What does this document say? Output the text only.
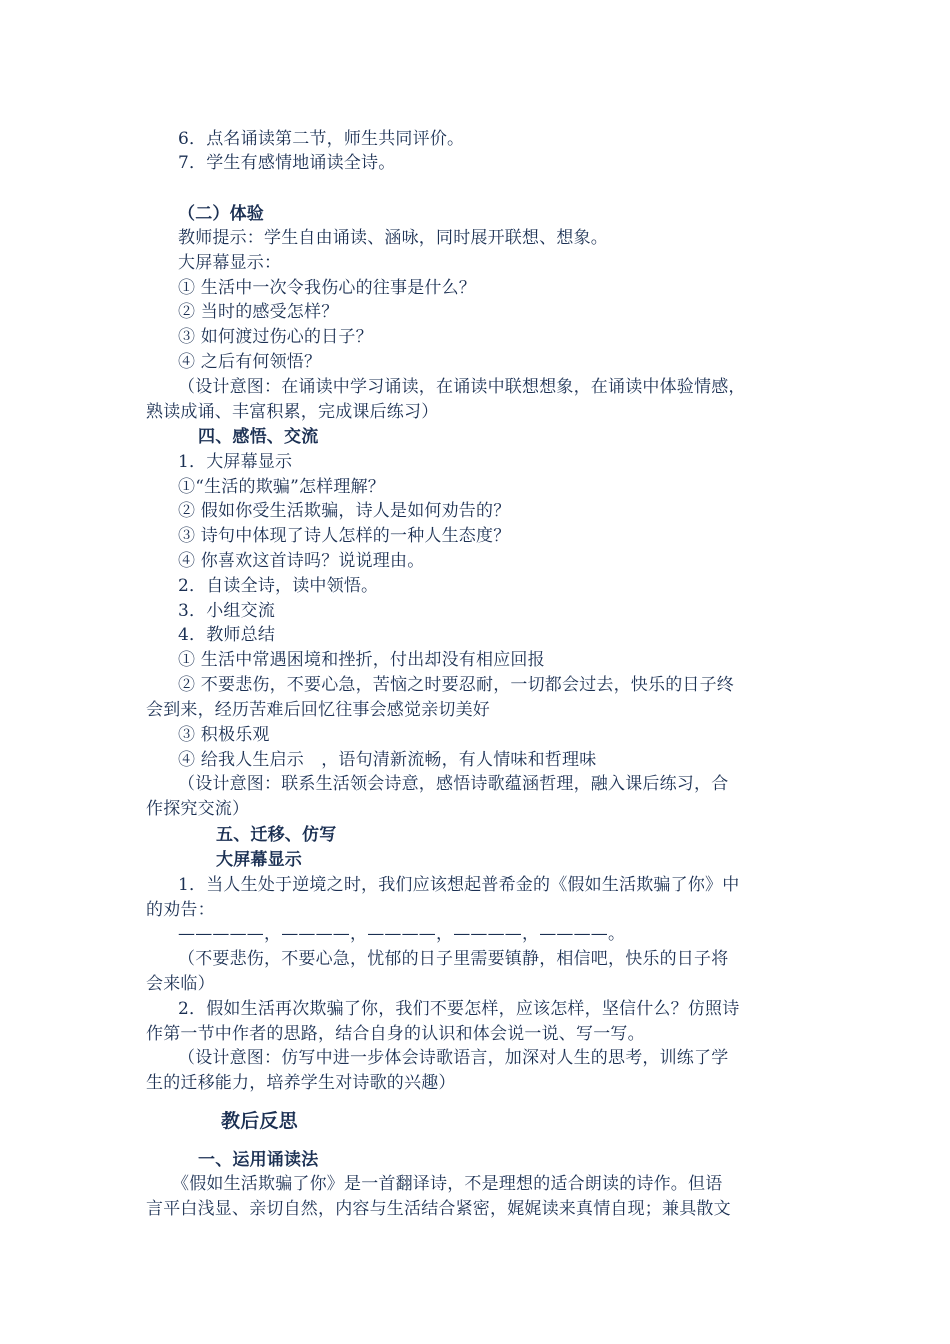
6．点名诵读第二节，师生共同评价。
7．学生有感情地诵读全诗。
（二）体验
教师提示：学生自由诵读、涵咏，同时展开联想、想象。
大屏幕显示：
① 生活中一次令我伤心的往事是什么？
② 当时的感受怎样？
③ 如何渡过伤心的日子？
④ 之后有何领悟？
（设计意图：在诵读中学习诵读，在诵读中联想想象，在诵读中体验情感，
熟读成诵、丰富积累，完成课后练习）
四、感悟、交流
1．大屏幕显示
①“生活的欺骗”怎样理解？
② 假如你受生活欺骗，诗人是如何劝告的？
③ 诗句中体现了诗人怎样的一种人生态度？
④ 你喜欢这首诗吗？说说理由。
2．自读全诗，读中领悟。
3．小组交流
4．教师总结
① 生活中常遇困境和挫折，付出却没有相应回报
② 不要悲伤，不要心急，苦恼之时要忍耐，一切都会过去，快乐的日子终
会到来，经历苦难后回忆往事会感觉亲切美好
③ 积极乐观
④ 给我人生启示　，语句清新流畅，有人情味和哲理味
（设计意图：联系生活领会诗意，感悟诗歌蕴涵哲理，融入课后练习，合
作探究交流）
五、迁移、仿写
大屏幕显示
1．当人生处于逆境之时，我们应该想起普希金的《假如生活欺骗了你》中
的劝告：
—————，————，————，————，————。
（不要悲伤，不要心急，忧郁的日子里需要镇静，相信吧，快乐的日子将
会来临）
2．假如生活再次欺骗了你，我们不要怎样，应该怎样，坚信什么？仿照诗
作第一节中作者的思路，结合自身的认识和体会说一说、写一写。
（设计意图：仿写中进一步体会诗歌语言，加深对人生的思考，训练了学
生的迁移能力，培养学生对诗歌的兴趣）
教后反思
一、运用诵读法
《假如生活欺骗了你》是一首翻译诗，不是理想的适合朗读的诗作。但语
言平白浅显、亲切自然，内容与生活结合紧密，娓娓读来真情自现；兼具散文
